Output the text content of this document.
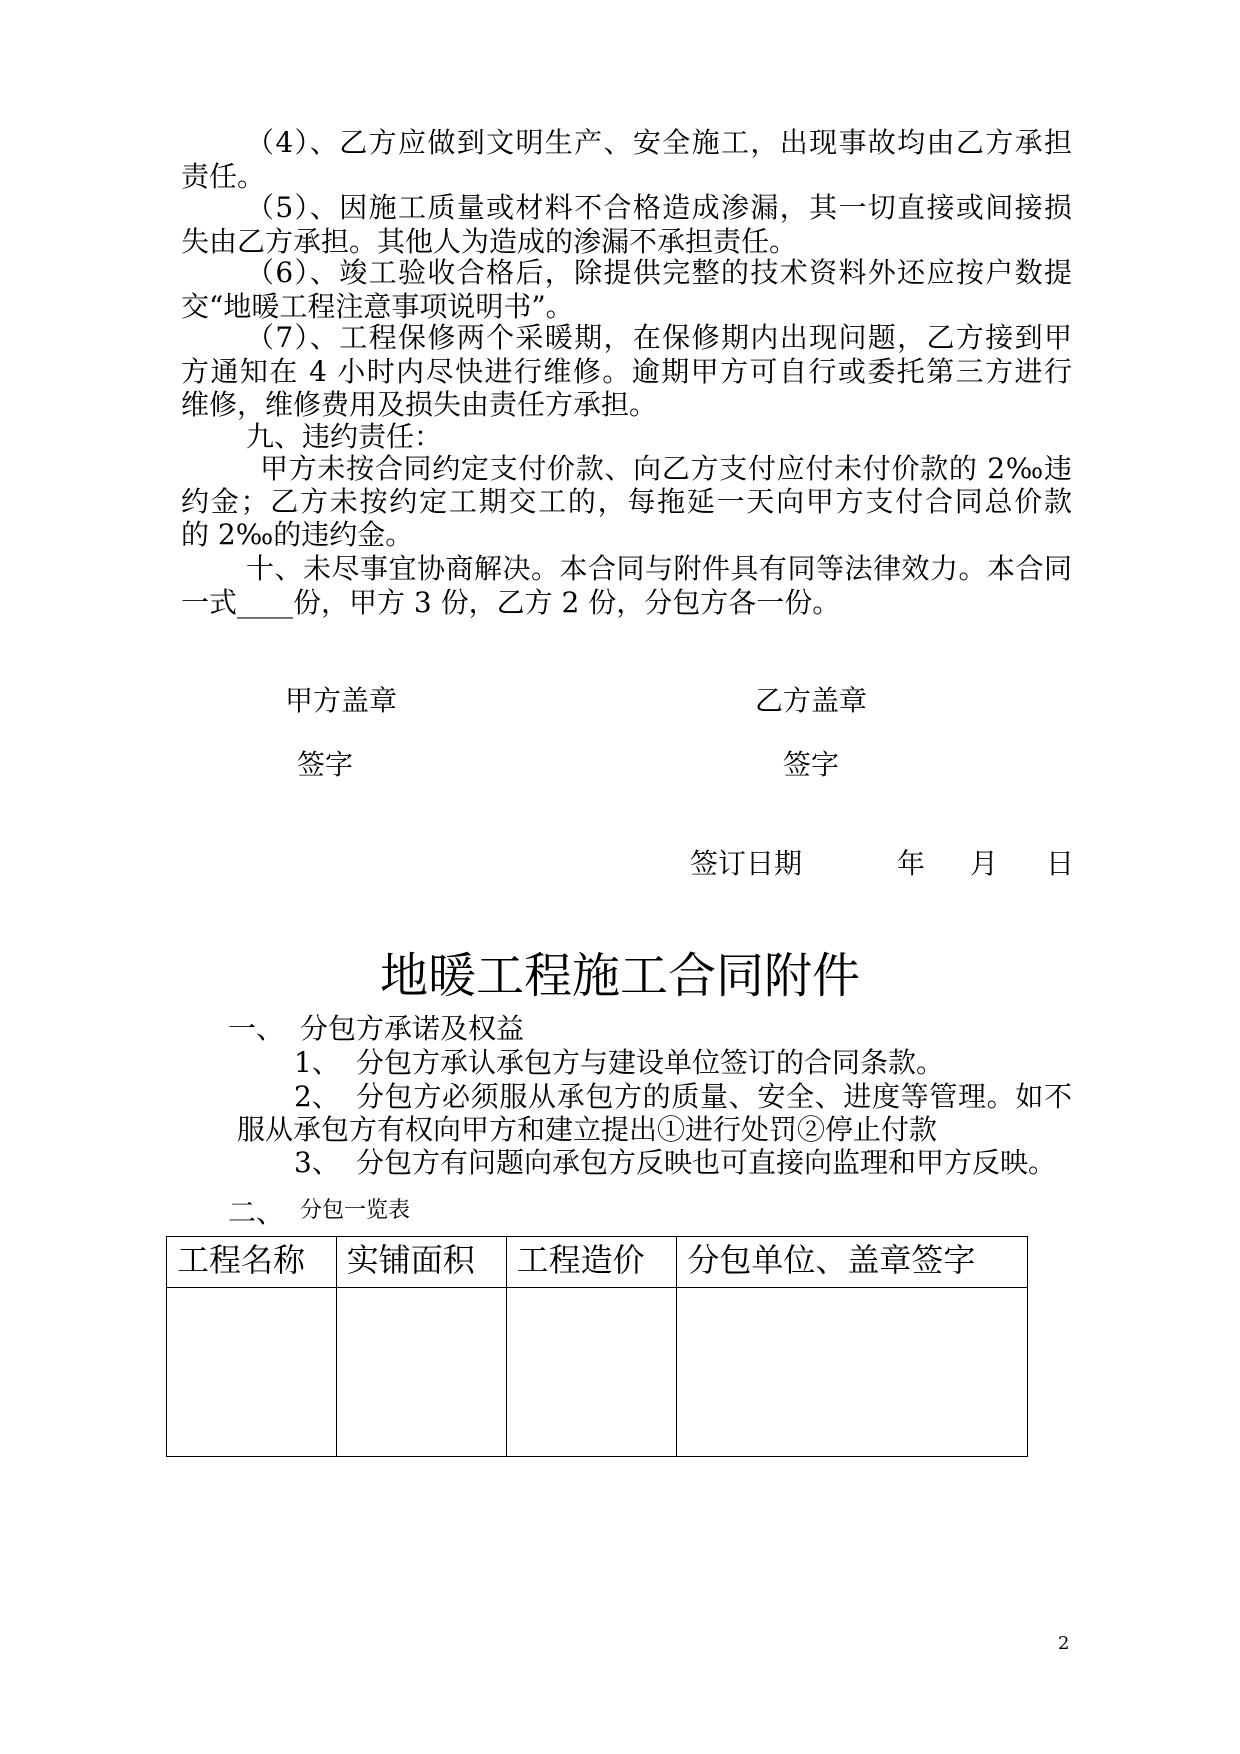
（4）、乙方应做到文明生产、安全施工，出现事故均由乙方承担
责任。
（5）、因施工质量或材料不合格造成渗漏，其一切直接或间接损
失由乙方承担。其他人为造成的渗漏不承担责任。
（6）、竣工验收合格后，除提供完整的技术资料外还应按户数提
交“地暖工程注意事项说明书”。
（7）、工程保修两个采暖期，在保修期内出现问题，乙方接到甲
方通知在 4 小时内尽快进行维修。逾期甲方可自行或委托第三方进行
维修，维修费用及损失由责任方承担。
九、违约责任：
甲方未按合同约定支付价款、向乙方支付应付未付价款的 2‰违
约金；乙方未按约定工期交工的，每拖延一天向甲方支付合同总价款
的 2‰的违约金。
十、未尽事宜协商解决。本合同与附件具有同等法律效力。本合同
一式____份，甲方 3 份，乙方 2 份，分包方各一份。
甲方盖章	乙方盖章
签字	签字
签订日期	年 月 日
地暖工程施工合同附件
一、 分包方承诺及权益
1、 分包方承认承包方与建设单位签订的合同条款。
2、 分包方必须服从承包方的质量、安全、进度等管理。如不
服从承包方有权向甲方和建立提出①进行处罚②停止付款
3、 分包方有问题向承包方反映也可直接向监理和甲方反映。
二、 分包一览表
工程名称	实铺面积	工程造价	分包单位、盖章签字

2
